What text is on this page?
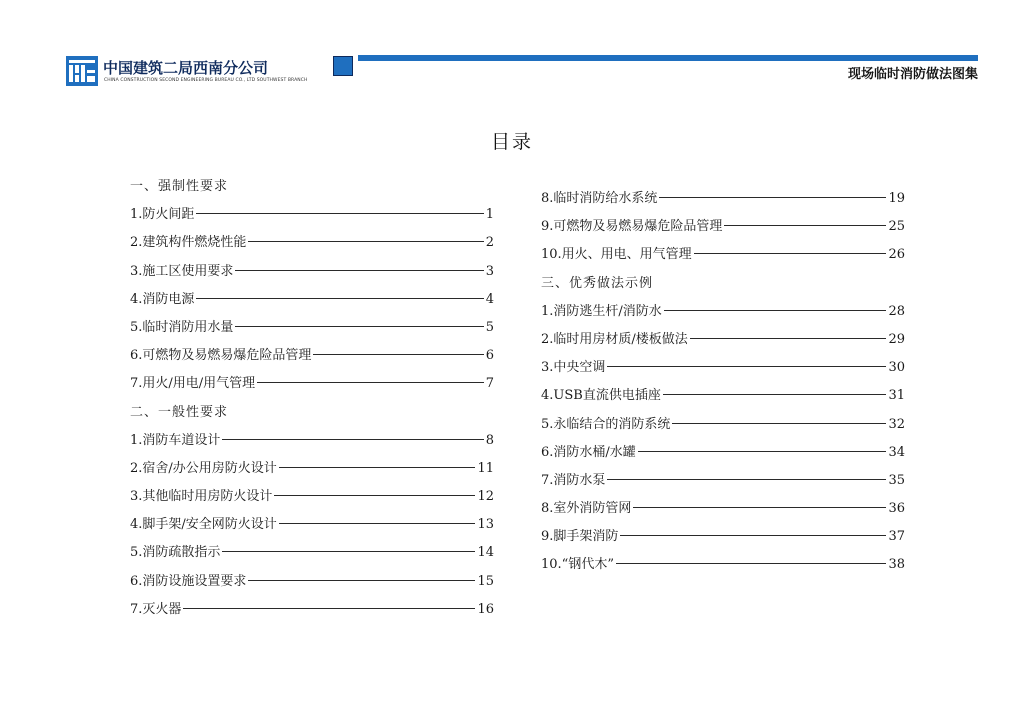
中国建筑二局西南分公司
CHINA CONSTRUCTION SECOND ENGINEERING BUREAU CO., LTD SOUTHWEST BRANCH	现场临时消防做法图集
目录
一、强制性要求
1.防火间距	1
2.建筑构件燃烧性能	2
3.施工区使用要求	3
4.消防电源	4
5.临时消防用水量	5
6.可燃物及易燃易爆危险品管理	6
7.用火/用电/用气管理	7
二、一般性要求
1.消防车道设计	8
2.宿舍/办公用房防火设计	11
3.其他临时用房防火设计	12
4.脚手架/安全网防火设计	13
5.消防疏散指示	14
6.消防设施设置要求	15
7.灭火器	16
8.临时消防给水系统	19
9.可燃物及易燃易爆危险品管理	25
10.用火、用电、用气管理	26
三、优秀做法示例
1.消防逃生杆/消防水	28
2.临时用房材质/楼板做法	29
3.中央空调	30
4.USB直流供电插座	31
5.永临结合的消防系统	32
6.消防水桶/水罐	34
7.消防水泵	35
8.室外消防管网	36
9.脚手架消防	37
10.“钢代木”	38
